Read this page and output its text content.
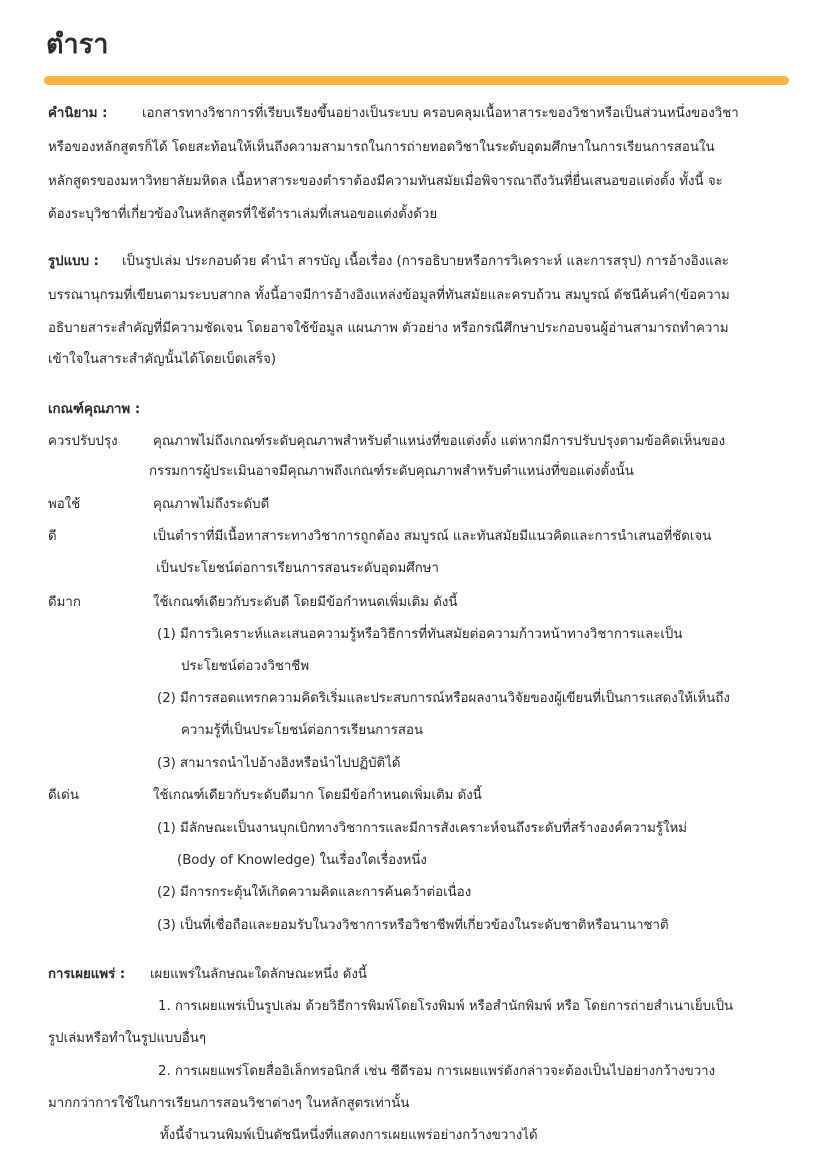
ตำรา
คำนิยาม :	เอกสารทางวิชาการที่เรียบเรียงขึ้นอย่างเป็นระบบ ครอบคลุมเนื้อหาสาระของวิชาหรือเป็นส่วนหนึ่งของวิชา
หรือของหลักสูตรก็ได้ โดยสะท้อนให้เห็นถึงความสามารถในการถ่ายทอดวิชาในระดับอุดมศึกษาในการเรียนการสอนใน
หลักสูตรของมหาวิทยาลัยมหิดล เนื้อหาสาระของตำราต้องมีความทันสมัยเมื่อพิจารณาถึงวันที่ยื่นเสนอขอแต่งตั้ง ทั้งนี้ จะ
ต้องระบุวิชาที่เกี่ยวข้องในหลักสูตรที่ใช้ตำราเล่มที่เสนอขอแต่งตั้งด้วย
รูปแบบ : เป็นรูปเล่ม ประกอบด้วย คำนำ สารบัญ เนื้อเรื่อง (การอธิบายหรือการวิเคราะห์ และการสรุป) การอ้างอิงและ
บรรณานุกรมที่เขียนตามระบบสากล ทั้งนี้อาจมีการอ้างอิงแหล่งข้อมูลที่ทันสมัยและครบถ้วน สมบูรณ์ ดัชนีค้นคำ(ข้อความ
อธิบายสาระสำคัญที่มีความชัดเจน โดยอาจใช้ข้อมูล แผนภาพ ตัวอย่าง หรือกรณีศึกษาประกอบจนผู้อ่านสามารถทำความ
เข้าใจในสาระสำคัญนั้นได้โดยเบ็ดเสร็จ)
เกณฑ์คุณภาพ :
ควรปรับปรุง	คุณภาพไม่ถึงเกณฑ์ระดับคุณภาพสำหรับตำแหน่งที่ขอแต่งตั้ง แต่หากมีการปรับปรุงตามข้อคิดเห็นของ
กรรมการผู้ประเมินอาจมีคุณภาพถึงเกณฑ์ระดับคุณภาพสำหรับตำแหน่งที่ขอแต่งตั้งนั้น
พอใช้	คุณภาพไม่ถึงระดับดี
ดี	เป็นตำราที่มีเนื้อหาสาระทางวิชาการถูกต้อง สมบูรณ์ และทันสมัยมีแนวคิดและการนำเสนอที่ชัดเจน
เป็นประโยชน์ต่อการเรียนการสอนระดับอุดมศึกษา
ดีมาก	ใช้เกณฑ์เดียวกับระดับดี โดยมีข้อกำหนดเพิ่มเติม ดังนี้
(1) มีการวิเคราะห์และเสนอความรู้หรือวิธีการที่ทันสมัยต่อความก้าวหน้าทางวิชาการและเป็น
ประโยชน์ต่อวงวิชาชีพ
(2) มีการสอดแทรกความคิดริเริ่มและประสบการณ์หรือผลงานวิจัยของผู้เขียนที่เป็นการแสดงให้เห็นถึง
ความรู้ที่เป็นประโยชน์ต่อการเรียนการสอน
(3) สามารถนำไปอ้างอิงหรือนำไปปฏิบัติได้
ดีเด่น	ใช้เกณฑ์เดียวกับระดับดีมาก โดยมีข้อกำหนดเพิ่มเติม ดังนี้
(1) มีลักษณะเป็นงานบุกเบิกทางวิชาการและมีการสังเคราะห์จนถึงระดับที่สร้างองค์ความรู้ใหม่
(Body of Knowledge) ในเรื่องใดเรื่องหนึ่ง
(2) มีการกระตุ้นให้เกิดความคิดและการค้นคว้าต่อเนื่อง
(3) เป็นที่เชื่อถือและยอมรับในวงวิชาการหรือวิชาชีพที่เกี่ยวข้องในระดับชาติหรือนานาชาติ
การเผยแพร่ : เผยแพร่ในลักษณะใดลักษณะหนึ่ง ดังนี้
1. การเผยแพร่เป็นรูปเล่ม ด้วยวิธีการพิมพ์โดยโรงพิมพ์ หรือสำนักพิมพ์ หรือ โดยการถ่ายสำเนาเย็บเป็น
รูปเล่มหรือทำในรูปแบบอื่นๆ
2. การเผยแพร่โดยสื่ออิเล็กทรอนิกส์ เช่น ซีดีรอม การเผยแพร่ดังกล่าวจะต้องเป็นไปอย่างกว้างขวาง
มากกว่าการใช้ในการเรียนการสอนวิชาต่างๆ ในหลักสูตรเท่านั้น
ทั้งนี้จำนวนพิมพ์เป็นดัชนีหนึ่งที่แสดงการเผยแพร่อย่างกว้างขวางได้
